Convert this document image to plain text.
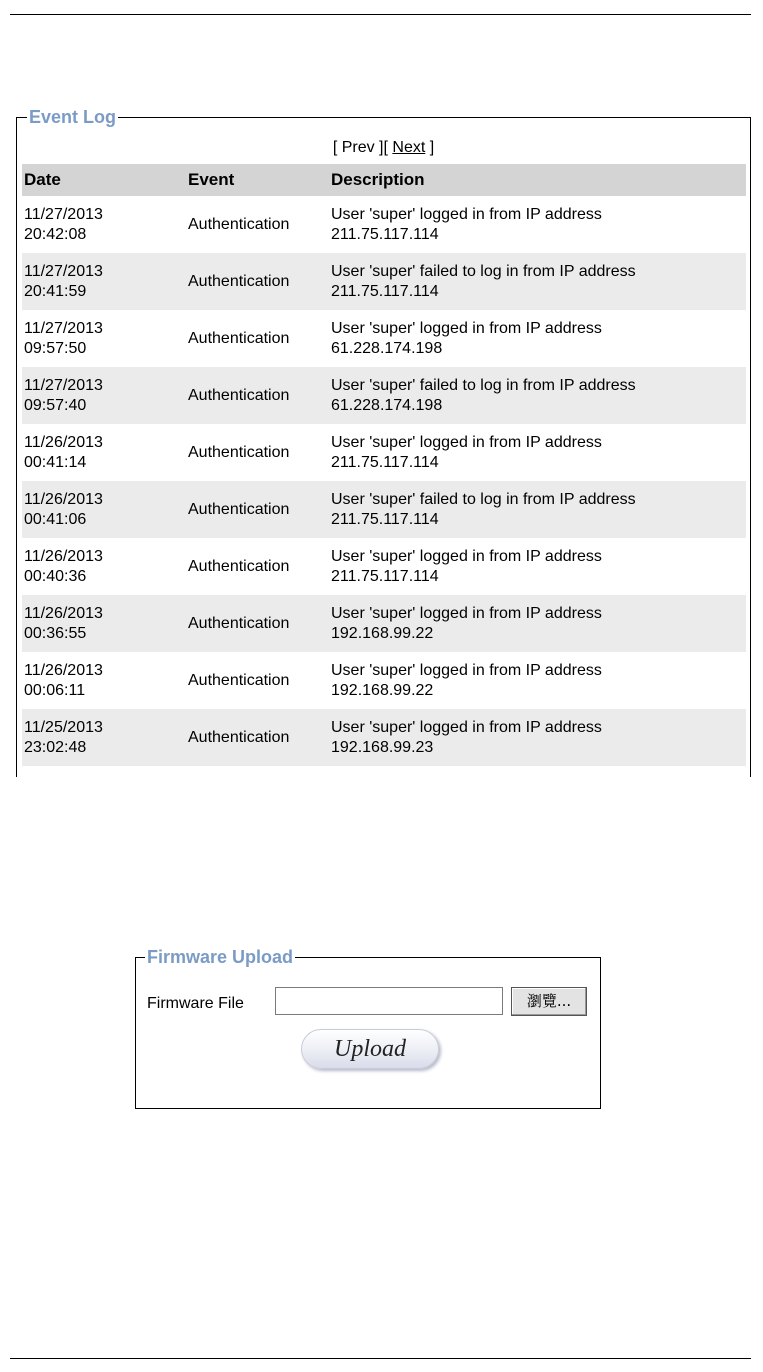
Event Log
[ Prev ][ Next ]
Date	Event	Description

11/27/2013
20:42:08	Authentication	User 'super' logged in from IP address
211.75.117.114

11/27/2013
20:41:59	Authentication	User 'super' failed to log in from IP address
211.75.117.114

11/27/2013
09:57:50	Authentication	User 'super' logged in from IP address
61.228.174.198

11/27/2013
09:57:40	Authentication	User 'super' failed to log in from IP address
61.228.174.198

11/26/2013
00:41:14	Authentication	User 'super' logged in from IP address
211.75.117.114

11/26/2013
00:41:06	Authentication	User 'super' failed to log in from IP address
211.75.117.114

11/26/2013
00:40:36	Authentication	User 'super' logged in from IP address
211.75.117.114

11/26/2013
00:36:55	Authentication	User 'super' logged in from IP address
192.168.99.22

11/26/2013
00:06:11	Authentication	User 'super' logged in from IP address
192.168.99.22

11/25/2013
23:02:48	Authentication	User 'super' logged in from IP address
192.168.99.23
Firmware Upload
Firmware File	瀏覽...
Upload
